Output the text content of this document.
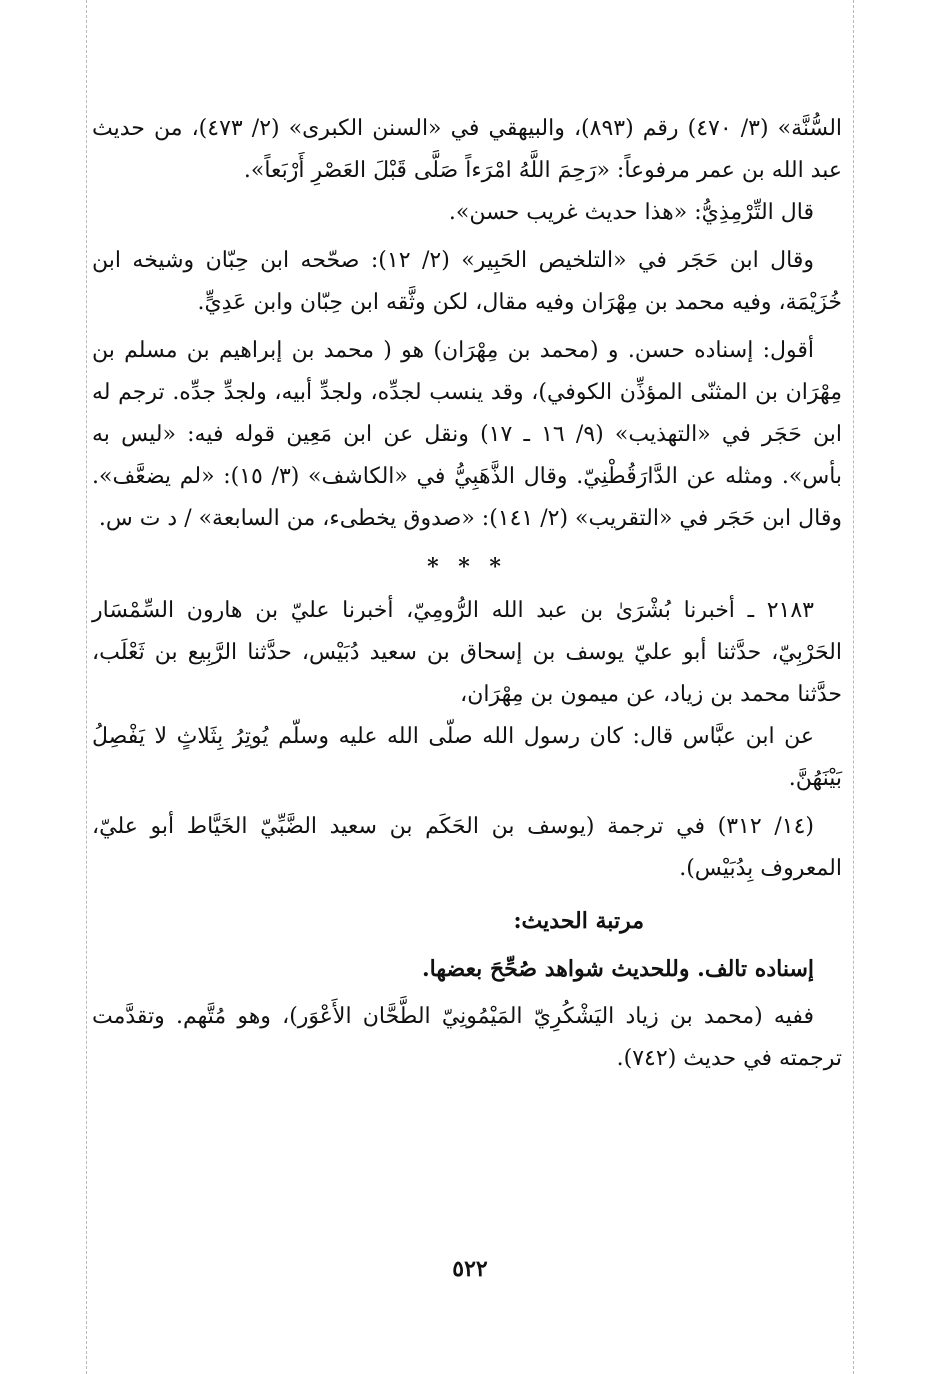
السُّنَّة» (٣/ ٤٧٠) رقم (٨٩٣)، والبيهقي في «السنن الكبرى» (٢/ ٤٧٣)، من حديث عبد الله بن عمر مرفوعاً: «رَحِمَ اللَّهُ امْرَءاً صَلَّى قَبْلَ العَصْرِ أَرْبَعاً».

قال التِّرْمِذِيُّ: «هذا حديث غريب حسن».

وقال ابن حَجَر في «التلخيص الحَبِير» (٢/ ١٢): صحّحه ابن حِبّان وشيخه ابن خُزَيْمَة، وفيه محمد بن مِهْرَان وفيه مقال، لكن وثَّقه ابن حِبّان وابن عَدِيٍّ.

أقول: إسناده حسن. و (محمد بن مِهْرَان) هو ( محمد بن إبراهيم بن مسلم بن مِهْرَان بن المثنّى المؤذِّن الكوفي)، وقد ينسب لجدِّه، ولجدِّ أبيه، ولجدِّ جدِّه. ترجم له ابن حَجَر في «التهذيب» (٩/ ١٦ ـ ١٧) ونقل عن ابن مَعِين قوله فيه: «ليس به بأس». ومثله عن الدَّارَقُطْنِيّ. وقال الذَّهَبِيُّ في «الكاشف» (٣/ ١٥): «لم يضعَّف». وقال ابن حَجَر في «التقريب» (٢/ ١٤١): «صدوق يخطىء، من السابعة» / د ت س.

* * *

٢١٨٣ ـ أخبرنا بُشْرَىٰ بن عبد الله الرُّومِيّ، أخبرنا عليّ بن هارون السِّمْسَار الحَرْبِيّ، حدَّثنا أبو عليّ يوسف بن إسحاق بن سعيد دُبَيْس، حدَّثنا الرَّبِيع بن ثَعْلَب، حدَّثنا محمد بن زياد، عن ميمون بن مِهْرَان،

عن ابن عبَّاس قال: كان رسول الله صلّى الله عليه وسلّم يُوتِرُ بِثَلاثٍ لا يَفْصِلُ بَيْنَهُنَّ.

(١٤/ ٣١٢) في ترجمة (يوسف بن الحَكَم بن سعيد الضَّبِّيّ الخَيَّاط أبو عليّ، المعروف بِدُبَيْس).

مرتبة الحديث:

إسناده تالف. وللحديث شواهد صُحِّحَ بعضها.

ففيه (محمد بن زياد اليَشْكُرِيّ المَيْمُونِيّ الطَّحَّان الأَعْوَر)، وهو مُتَّهم. وتقدَّمت ترجمته في حديث (٧٤٢).

٥٢٢
